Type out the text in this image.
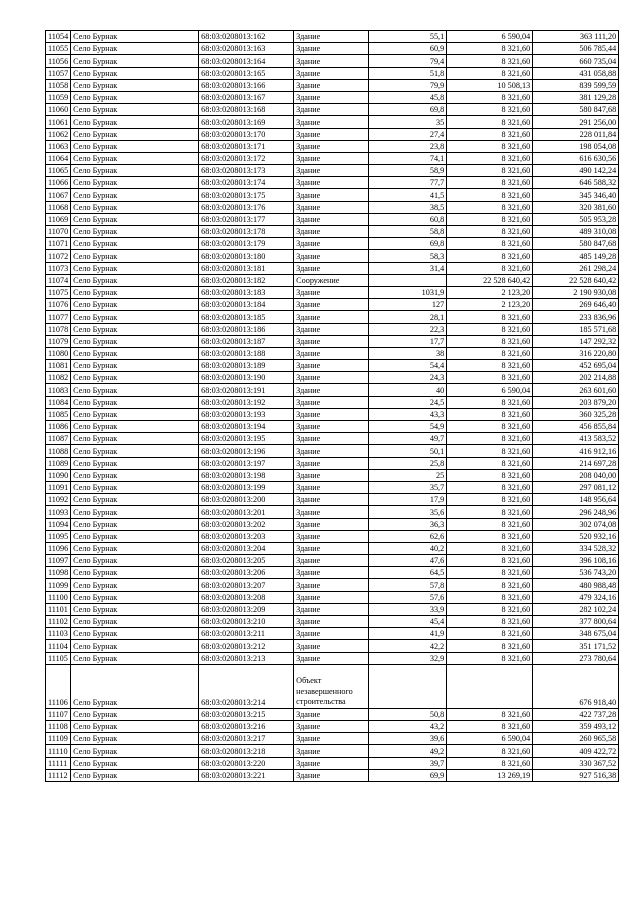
11054	Село Бурнак	68:03:0208013:162	Здание	55,1	6 590,04	363 111,20
11055	Село Бурнак	68:03:0208013:163	Здание	60,9	8 321,60	506 785,44
11056	Село Бурнак	68:03:0208013:164	Здание	79,4	8 321,60	660 735,04
11057	Село Бурнак	68:03:0208013:165	Здание	51,8	8 321,60	431 058,88
11058	Село Бурнак	68:03:0208013:166	Здание	79,9	10 508,13	839 599,59
11059	Село Бурнак	68:03:0208013:167	Здание	45,8	8 321,60	381 129,28
11060	Село Бурнак	68:03:0208013:168	Здание	69,8	8 321,60	580 847,68
11061	Село Бурнак	68:03:0208013:169	Здание	35	8 321,60	291 256,00
11062	Село Бурнак	68:03:0208013:170	Здание	27,4	8 321,60	228 011,84
11063	Село Бурнак	68:03:0208013:171	Здание	23,8	8 321,60	198 054,08
11064	Село Бурнак	68:03:0208013:172	Здание	74,1	8 321,60	616 630,56
11065	Село Бурнак	68:03:0208013:173	Здание	58,9	8 321,60	490 142,24
11066	Село Бурнак	68:03:0208013:174	Здание	77,7	8 321,60	646 588,32
11067	Село Бурнак	68:03:0208013:175	Здание	41,5	8 321,60	345 346,40
11068	Село Бурнак	68:03:0208013:176	Здание	38,5	8 321,60	320 381,60
11069	Село Бурнак	68:03:0208013:177	Здание	60,8	8 321,60	505 953,28
11070	Село Бурнак	68:03:0208013:178	Здание	58,8	8 321,60	489 310,08
11071	Село Бурнак	68:03:0208013:179	Здание	69,8	8 321,60	580 847,68
11072	Село Бурнак	68:03:0208013:180	Здание	58,3	8 321,60	485 149,28
11073	Село Бурнак	68:03:0208013:181	Здание	31,4	8 321,60	261 298,24
11074	Село Бурнак	68:03:0208013:182	Сооружение		22 528 640,42	22 528 640,42
11075	Село Бурнак	68:03:0208013:183	Здание	1031,9	2 123,20	2 190 930,08
11076	Село Бурнак	68:03:0208013:184	Здание	127	2 123,20	269 646,40
11077	Село Бурнак	68:03:0208013:185	Здание	28,1	8 321,60	233 836,96
11078	Село Бурнак	68:03:0208013:186	Здание	22,3	8 321,60	185 571,68
11079	Село Бурнак	68:03:0208013:187	Здание	17,7	8 321,60	147 292,32
11080	Село Бурнак	68:03:0208013:188	Здание	38	8 321,60	316 220,80
11081	Село Бурнак	68:03:0208013:189	Здание	54,4	8 321,60	452 695,04
11082	Село Бурнак	68:03:0208013:190	Здание	24,3	8 321,60	202 214,88
11083	Село Бурнак	68:03:0208013:191	Здание	40	6 590,04	263 601,60
11084	Село Бурнак	68:03:0208013:192	Здание	24,5	8 321,60	203 879,20
11085	Село Бурнак	68:03:0208013:193	Здание	43,3	8 321,60	360 325,28
11086	Село Бурнак	68:03:0208013:194	Здание	54,9	8 321,60	456 855,84
11087	Село Бурнак	68:03:0208013:195	Здание	49,7	8 321,60	413 583,52
11088	Село Бурнак	68:03:0208013:196	Здание	50,1	8 321,60	416 912,16
11089	Село Бурнак	68:03:0208013:197	Здание	25,8	8 321,60	214 697,28
11090	Село Бурнак	68:03:0208013:198	Здание	25	8 321,60	208 040,00
11091	Село Бурнак	68:03:0208013:199	Здание	35,7	8 321,60	297 081,12
11092	Село Бурнак	68:03:0208013:200	Здание	17,9	8 321,60	148 956,64
11093	Село Бурнак	68:03:0208013:201	Здание	35,6	8 321,60	296 248,96
11094	Село Бурнак	68:03:0208013:202	Здание	36,3	8 321,60	302 074,08
11095	Село Бурнак	68:03:0208013:203	Здание	62,6	8 321,60	520 932,16
11096	Село Бурнак	68:03:0208013:204	Здание	40,2	8 321,60	334 528,32
11097	Село Бурнак	68:03:0208013:205	Здание	47,6	8 321,60	396 108,16
11098	Село Бурнак	68:03:0208013:206	Здание	64,5	8 321,60	536 743,20
11099	Село Бурнак	68:03:0208013:207	Здание	57,8	8 321,60	480 988,48
11100	Село Бурнак	68:03:0208013:208	Здание	57,6	8 321,60	479 324,16
11101	Село Бурнак	68:03:0208013:209	Здание	33,9	8 321,60	282 102,24
11102	Село Бурнак	68:03:0208013:210	Здание	45,4	8 321,60	377 800,64
11103	Село Бурнак	68:03:0208013:211	Здание	41,9	8 321,60	348 675,04
11104	Село Бурнак	68:03:0208013:212	Здание	42,2	8 321,60	351 171,52
11105	Село Бурнак	68:03:0208013:213	Здание	32,9	8 321,60	273 780,64
11106	Село Бурнак	68:03:0208013:214	Объект незавершенного строительства			676 918,40
11107	Село Бурнак	68:03:0208013:215	Здание	50,8	8 321,60	422 737,28
11108	Село Бурнак	68:03:0208013:216	Здание	43,2	8 321,60	359 493,12
11109	Село Бурнак	68:03:0208013:217	Здание	39,6	6 590,04	260 965,58
11110	Село Бурнак	68:03:0208013:218	Здание	49,2	8 321,60	409 422,72
11111	Село Бурнак	68:03:0208013:220	Здание	39,7	8 321,60	330 367,52
11112	Село Бурнак	68:03:0208013:221	Здание	69,9	13 269,19	927 516,38
